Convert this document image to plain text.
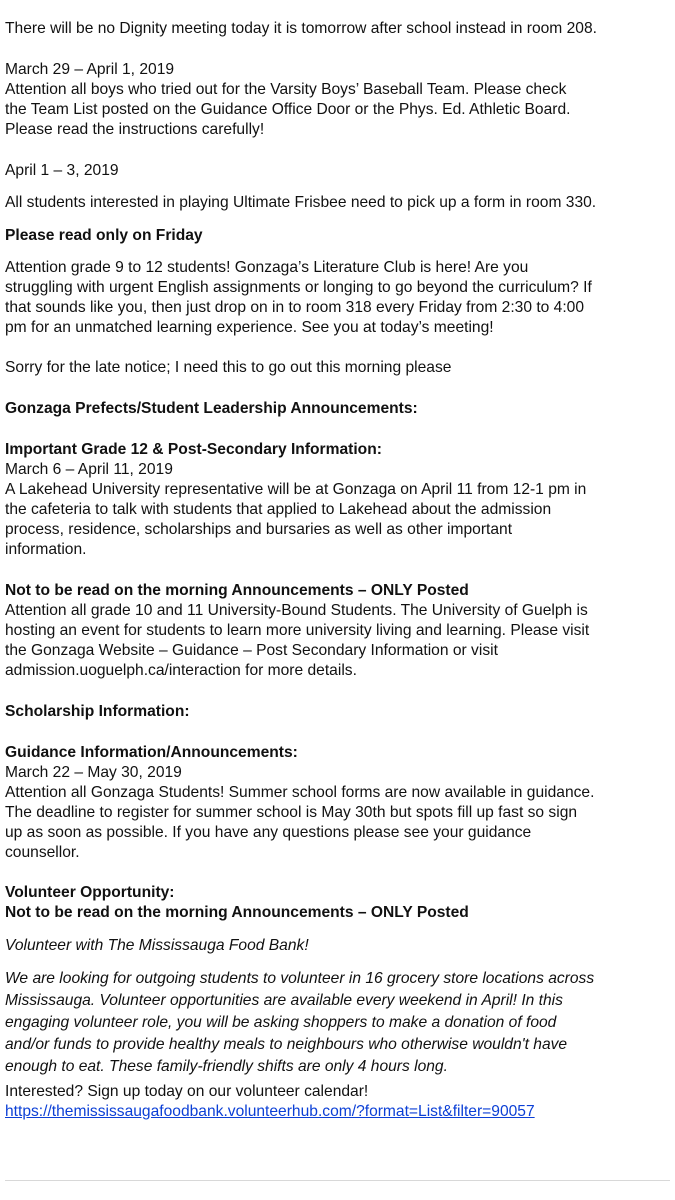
There will be no Dignity meeting today it is tomorrow after school instead in room 208.

March 29 – April 1, 2019

Attention all boys who tried out for the Varsity Boys’ Baseball Team. Please check

the Team List posted on the Guidance Office Door or the Phys. Ed. Athletic Board.

Please read the instructions carefully!

April 1 – 3, 2019

All students interested in playing Ultimate Frisbee need to pick up a form in room 330.

Please read only on Friday

Attention grade 9 to 12 students! Gonzaga’s Literature Club is here! Are you

struggling with urgent English assignments or longing to go beyond the curriculum? If

that sounds like you, then just drop on in to room 318 every Friday from 2:30 to 4:00

pm for an unmatched learning experience. See you at today’s meeting!

Sorry for the late notice; I need this to go out this morning please

Gonzaga Prefects/Student Leadership Announcements:

Important Grade 12 & Post-Secondary Information:

March 6 – April 11, 2019

A Lakehead University representative will be at Gonzaga on April 11 from 12-1 pm in

the cafeteria to talk with students that applied to Lakehead about the admission

process, residence, scholarships and bursaries as well as other important

information.

Not to be read on the morning Announcements – ONLY Posted

Attention all grade 10 and 11 University-Bound Students. The University of Guelph is

hosting an event for students to learn more university living and learning. Please visit

the Gonzaga Website – Guidance – Post Secondary Information or visit

admission.uoguelph.ca/interaction for more details.

Scholarship Information:

Guidance Information/Announcements:

March 22 – May 30, 2019

Attention all Gonzaga Students! Summer school forms are now available in guidance.

The deadline to register for summer school is May 30th but spots fill up fast so sign

up as soon as possible. If you have any questions please see your guidance

counsellor.

Volunteer Opportunity:

Not to be read on the morning Announcements – ONLY Posted

Volunteer with The Mississauga Food Bank!

We are looking for outgoing students to volunteer in 16 grocery store locations across

Mississauga. Volunteer opportunities are available every weekend in April! In this

engaging volunteer role, you will be asking shoppers to make a donation of food

and/or funds to provide healthy meals to neighbours who otherwise wouldn't have

enough to eat. These family-friendly shifts are only 4 hours long.

Interested? Sign up today on our volunteer calendar!

https://themississaugafoodbank.volunteerhub.com/?format=List&filter=90057
